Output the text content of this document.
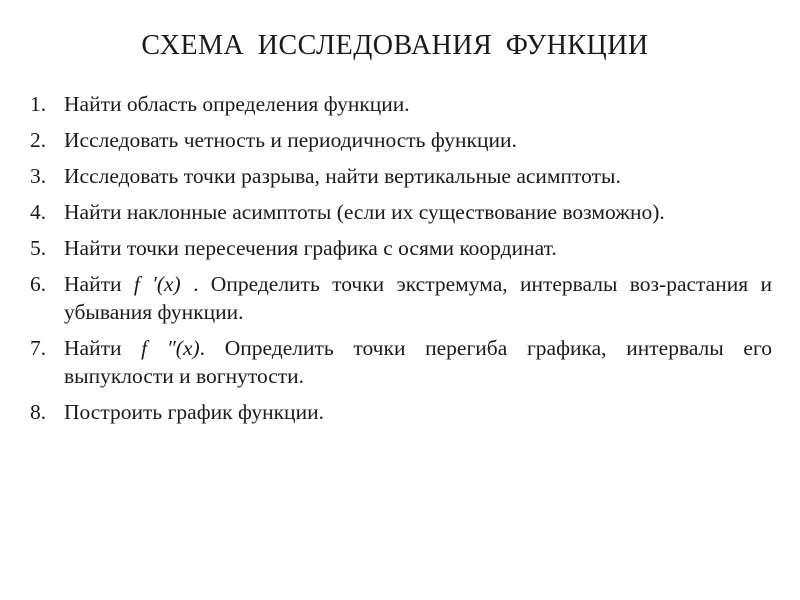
СХЕМА ИССЛЕДОВАНИЯ ФУНКЦИИ
1. Найти область определения функции.
2. Исследовать четность и периодичность функции.
3. Исследовать точки разрыва, найти вертикальные асимптоты.
4. Найти наклонные асимптоты (если их существование возможно).
5. Найти точки пересечения графика с осями координат.
6. Найти f ′(x) . Определить точки экстремума, интервалы воз-растания и убывания функции.
7. Найти f ″(x). Определить точки перегиба графика, интервалы его выпуклости и вогнутости.
8. Построить график функции.
